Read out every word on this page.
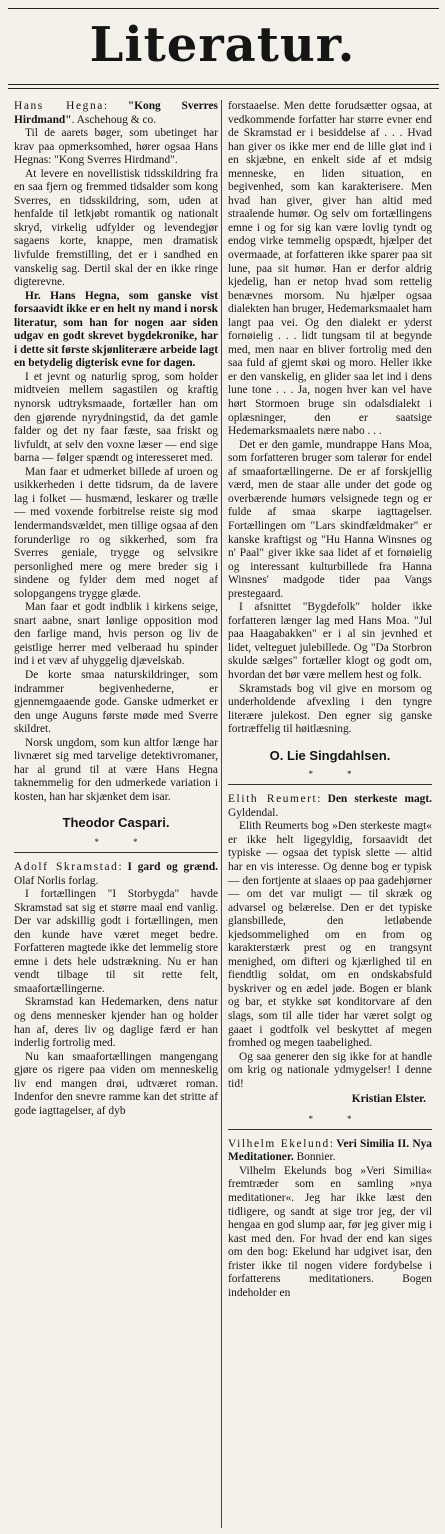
Literatur.

Hans Hegna: "Kong Sverres Hirdmand". Aschehoug & co.

Til de aarets bøger, som ubetinget har krav paa opmerksomhed, hører ogsaa Hans Hegnas: "Kong Sverres Hirdmand".

At levere en novellistisk tidsskildring fra en saa fjern og fremmed tidsalder som kong Sverres, en tidsskildring, som, uden at henfalde til letkjøbt romantik og nationalt skryd, virkelig udfylder og levendegjør sagaens korte, knappe, men dramatisk livfulde fremstilling, det er i sandhed en vanskelig sag. Dertil skal der en ikke ringe digterevne.

Hr. Hans Hegna, som ganske vist forsaavidt ikke er en helt ny mand i norsk literatur, som han for nogen aar siden udgav en godt skrevet bygdekronike, har i dette sit første skjønliterære arbeide lagt en betydelig digterisk evne for dagen.

I et jevnt og naturlig sprog, som holder midtveien mellem sagastilen og kraftig nynorsk udtryksmaade, fortæller han om den gjørende nyrydningstid, da det gamle falder og det ny faar fæste, saa friskt og livfuldt, at selv den voxne læser — end sige barna — følger spændt og interesseret med.

Man faar et udmerket billede af uroen og usikkerheden i dette tidsrum, da de lavere lag i folket — husmænd, leskarer og trælle — med voxende forbitrelse reiste sig mod lendermandsvældet, men tillige ogsaa af den forunderlige ro og sikkerhed, som fra Sverres geniale, trygge og selvsikre personlighed mere og mere breder sig i sindene og fylder dem med noget af solopgangens trygge glæde.

Man faar et godt indblik i kirkens seige, snart aabne, snart lønlige opposition mod den farlige mand, hvis person og liv de geistlige herrer med velberaad hu spinder ind i et væv af uhyggelig djævelskab.

De korte smaa naturskildringer, som indrammer begivenhederne, er gjennemgaaende gode. Ganske udmerket er den unge Auguns første møde med Sverre skildret.

Norsk ungdom, som kun altfor længe har livnæret sig med tarvelige detektivromaner, har al grund til at være Hans Hegna taknemmelig for den udmerkede variation i kosten, han har skjænket dem isar.

Theodor Caspari.
**

Adolf Skramstad: I gard og grænd. Olaf Norlis forlag.

I fortællingen "I Storbygda" havde Skramstad sat sig et større maal end vanlig. Der var adskillig godt i fortællingen, men den kunde have været meget bedre. Forfatteren magtede ikke det lemmelig store emne i dets hele udstrækning. Nu er han vendt tilbage til sit rette felt, smaafortællingerne.

Skramstad kan Hedemarken, dens natur og dens mennesker kjender han og holder han af, deres liv og daglige færd er han inderlig fortrolig med.

Nu kan smaafortællingen mangengang gjøre os rigere paa viden om menneskelig liv end mangen drøi, udtværet roman. Indenfor den snevre ramme kan det stritte af gode iagttagelser, af dyb

forstaaelse. Men dette forudsætter ogsaa, at vedkommende forfatter har større evner end de Skramstad er i besiddelse af . . . Hvad han giver os ikke mer end de lille gløt ind i en skjæbne, en enkelt side af et mdsig menneske, en liden situation, en begivenhed, som kan karakterisere. Men hvad han giver, giver han altid med straalende humør. Og selv om fortællingens emne i og for sig kan være lovlig tyndt og endog virke temmelig opspædt, hjælper det overmaade, at forfatteren ikke sparer paa sit lune, paa sit humør. Han er derfor aldrig kjedelig, han er netop hvad som rettelig benævnes morsom. Nu hjælper ogsaa dialekten han bruger, Hedemarksmaalet ham langt paa vei. Og den dialekt er yderst fornøielig . . . lidt tungsam til at begynde med, men naar en bliver fortrolig med den saa fuld af gjemt skøi og moro. Heller ikke er den vanskelig, en glider saa let ind i dens lune tone . . . Ja, nogen hver kan vel have hørt Stormoen bruge sin odalsdialekt i oplæsninger, den er saatsige Hedemarksmaalets nære nabo . . .

Det er den gamle, mundrappe Hans Moa, som forfatteren bruger som talerør for endel af smaafortællingerne. De er af forskjellig værd, men de staar alle under det gode og overbærende humørs velsignede tegn og er fulde af smaa skarpe iagttagelser. Fortællingen om "Lars skindfældmaker" er kanske kraftigst og "Hu Hanna Winsnes og n' Paal" giver ikke saa lidet af et fornøielig og interessant kulturbillede fra Hanna Winsnes' madgode tider paa Vangs prestegaard.

I afsnittet "Bygdefolk" holder ikke forfatteren længer lag med Hans Moa. "Jul paa Haagabakken" er i al sin jevnhed et lidet, velteguet julebillede. Og "Da Storbron skulde sælges" fortæller klogt og godt om, hvordan det bør være mellem hest og folk.

Skramstads bog vil give en morsom og underholdende afvexling i den tyngre literære julekost. Den egner sig ganske fortræffelig til høitlæsning.

O. Lie Singdahlsen.
**

Elith Reumert: Den sterkeste magt. Gyldendal.

Elith Reumerts bog »Den sterkeste magt« er ikke helt ligegyldig, forsaavidt det typiske — ogsaa det typisk slette — altid har en vis interesse. Og denne bog er typisk — den fortjente at slaaes op paa gadehjørner — om det var muligt — til skræk og advarsel og belærelse. Den er det typiske glansbillede, den letløbende kjedsommelighed om en from og karakterstærk prest og en trangsynt menighed, om difteri og kjærlighed til en fiendtlig soldat, om en ondskabsfuld byskriver og en ædel jøde. Bogen er blank og bar, et stykke søt konditorvare af den slags, som til alle tider har været solgt og gaaet i godtfolk vel beskyttet af megen fromhed og megen taabelighed.

Og saa generer den sig ikke for at handle om krig og nationale ydmygelser! I denne tid!

Kristian Elster.
**

Vilhelm Ekelund: Veri Similia II. Nya Meditationer. Bonnier.

Vilhelm Ekelunds bog »Veri Similia« fremtræder som en samling »nya meditationer«. Jeg har ikke læst den tidligere, og sandt at sige tror jeg, der vil hengaa en god slump aar, før jeg giver mig i kast med den. For hvad der end kan siges om den bog: Ekelund har udgivet isar, den frister ikke til nogen videre fordybelse i forfatterens meditationers. Bogen indeholder en
